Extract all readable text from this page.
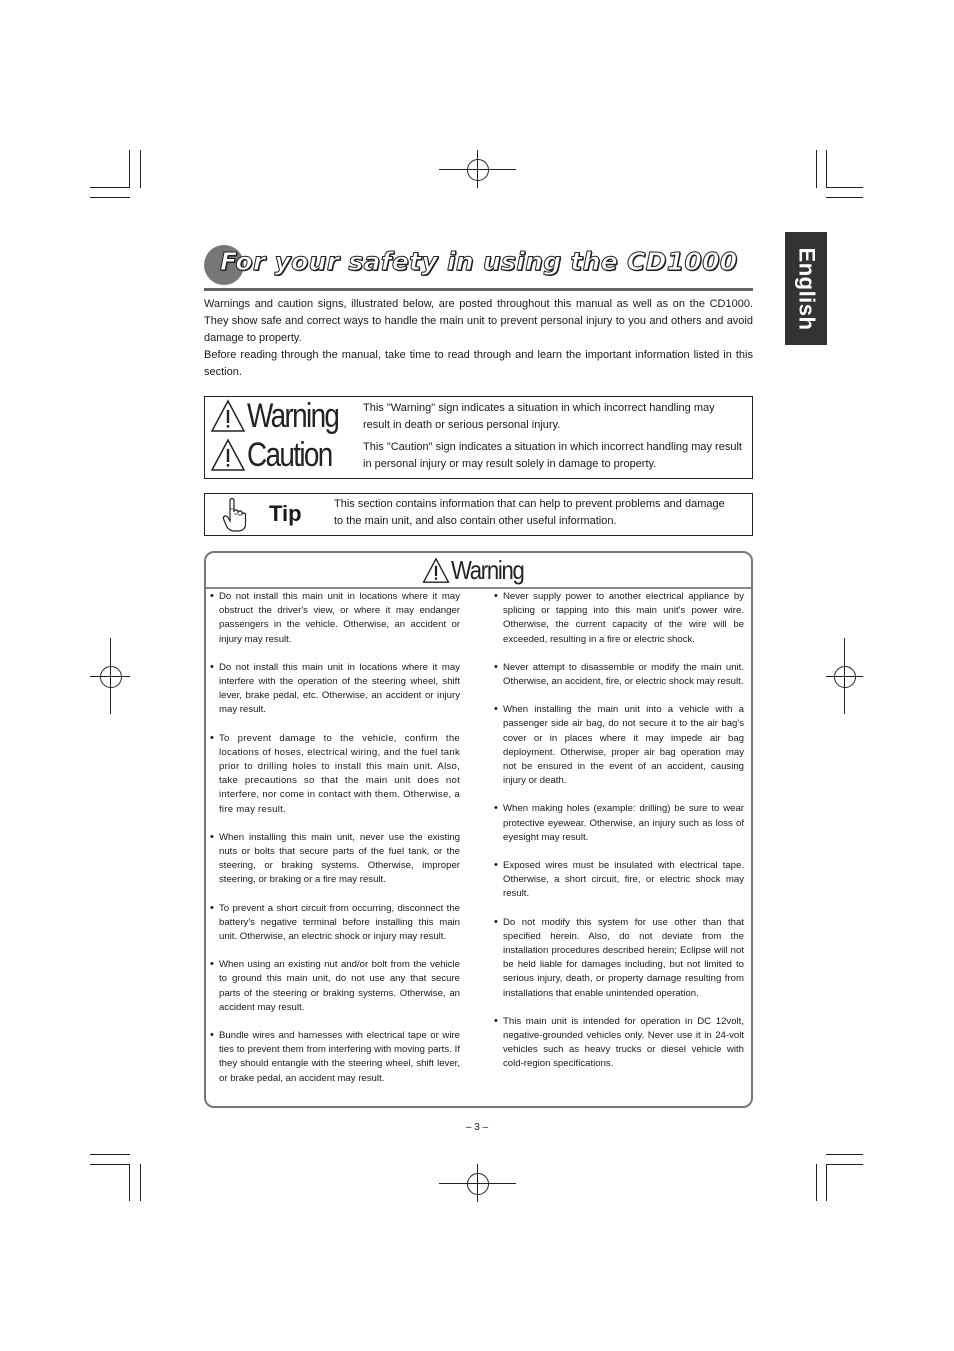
English
For your safety in using the CD1000

Warnings and caution signs, illustrated below, are posted throughout this manual as well as on the CD1000. They show safe and correct ways to handle the main unit to prevent personal injury to you and others and avoid damage to property.

Before reading through the manual, take time to read through and learn the important information listed in this section.

Warning This "Warning" sign indicates a situation in which incorrect handling may result in death or serious personal injury.
Caution	This "Caution" sign indicates a situation in which incorrect handling may result in personal injury or may result solely in damage to property.
Tip	This section contains information that can help to prevent problems and damage to the main unit, and also contain other useful information.
Warning

• Do not install this main unit in locations where it may obstruct the driver's view, or where it may endanger passengers in the vehicle. Otherwise, an accident or injury may result.

• Do not install this main unit in locations where it may interfere with the operation of the steering wheel, shift lever, brake pedal, etc. Otherwise, an accident or injury may result.

• To prevent damage to the vehicle, confirm the locations of hoses, electrical wiring, and the fuel tank prior to drilling holes to install this main unit. Also, take precautions so that the main unit does not interfere, nor come in contact with them. Otherwise, a fire may result.

• When installing this main unit, never use the existing nuts or bolts that secure parts of the fuel tank, or the steering, or braking systems. Otherwise, improper steering, or braking or a fire may result.

• To prevent a short circuit from occurring, disconnect the battery's negative terminal before installing this main unit. Otherwise, an electric shock or injury may result.

• When using an existing nut and/or bolt from the vehicle to ground this main unit, do not use any that secure parts of the steering or braking systems. Otherwise, an accident may result.

• Bundle wires and harnesses with electrical tape or wire ties to prevent them from interfering with moving parts. If they should entangle with the steering wheel, shift lever, or brake pedal, an accident may result.

• Never supply power to another electrical appliance by splicing or tapping into this main unit's power wire. Otherwise, the current capacity of the wire will be exceeded, resulting in a fire or electric shock.

• Never attempt to disassemble or modify the main unit. Otherwise, an accident, fire, or electric shock may result.

• When installing the main unit into a vehicle with a passenger side air bag, do not secure it to the air bag's cover or in places where it may impede air bag deployment. Otherwise, proper air bag operation may not be ensured in the event of an accident, causing injury or death.

• When making holes (example: drilling) be sure to wear protective eyewear. Otherwise, an injury such as loss of eyesight may result.

• Exposed wires must be insulated with electrical tape. Otherwise, a short circuit, fire, or electric shock may result.

• Do not modify this system for use other than that specified herein. Also, do not deviate from the installation procedures described herein; Eclipse will not be held liable for damages including, but not limited to serious injury, death, or property damage resulting from installations that enable unintended operation.

• This main unit is intended for operation in DC 12volt, negative-grounded vehicles only. Never use it in 24-volt vehicles such as heavy trucks or diesel vehicle with cold-region specifications.

– 3 –
